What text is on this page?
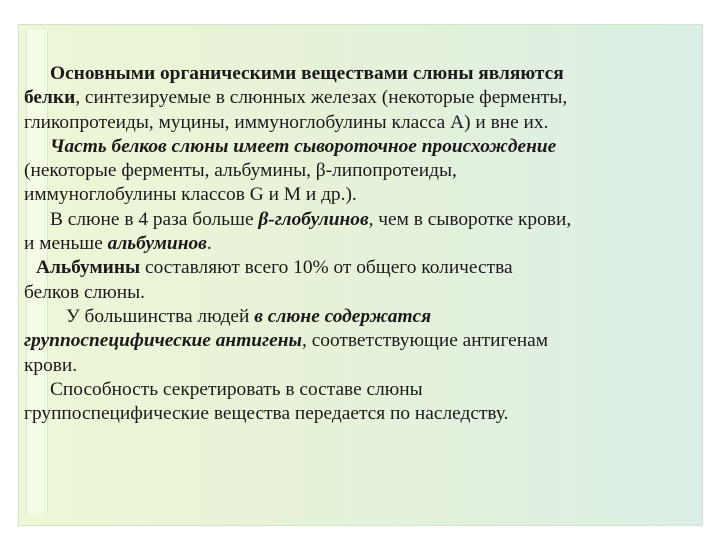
Основными органическими веществами слюны являются
белки, синтезируемые в слюнных железах (некоторые ферменты,
гликопротеиды, муцины, иммуноглобулины класса А) и вне их.
Часть белков слюны имеет сывороточное происхождение
(некоторые ферменты, альбумины, β-липопротеиды,
иммуноглобулины классов G и M и др.).
В слюне в 4 раза больше β-глобулинов, чем в сыворотке крови,
и меньше альбуминов.
Альбумины составляют всего 10% от общего количества
белков слюны.
У большинства людей в слюне содержатся
группоспецифические антигены, соответствующие антигенам
крови.
Способность секретировать в составе слюны
группоспецифические вещества передается по наследству.
